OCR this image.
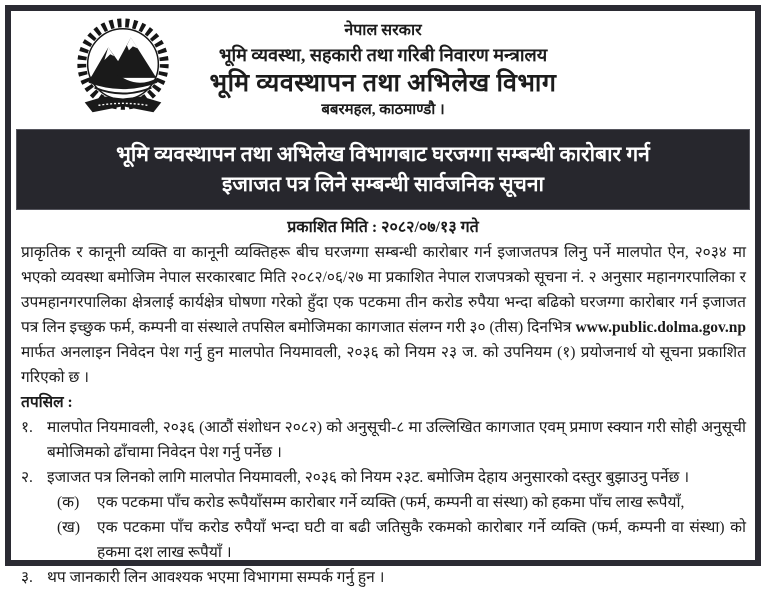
नेपाल सरकार
भूमि व्यवस्था, सहकारी तथा गरिबी निवारण मन्त्रालय
भूमि व्यवस्थापन तथा अभिलेख विभाग
बबरमहल, काठमाण्डौ ।
भूमि व्यवस्थापन तथा अभिलेख विभागबाट घरजग्गा सम्बन्धी कारोबार गर्न
इजाजत पत्र लिने सम्बन्धी सार्वजनिक सूचना
प्रकाशित मिति : २०८२/०७/१३ गते
प्राकृतिक र कानूनी व्यक्ति वा कानूनी व्यक्तिहरू बीच घरजग्गा सम्बन्धी कारोबार गर्न इजाजतपत्र लिनु पर्ने मालपोत ऐन, २०३४ मा भएको व्यवस्था बमोजिम नेपाल सरकारबाट मिति २०८२/०६/२७ मा प्रकाशित नेपाल राजपत्रको सूचना नं. २ अनुसार महानगरपालिका र उपमहानगरपालिका क्षेत्रलाई कार्यक्षेत्र घोषणा गरेको हुँदा एक पटकमा तीन करोड रुपैया भन्दा बढिको घरजग्गा कारोबार गर्न इजाजत पत्र लिन इच्छुक फर्म, कम्पनी वा संस्थाले तपसिल बमोजिमका कागजात संलग्न गरी ३० (तीस) दिनभित्र www.public.dolma.gov.np मार्फत अनलाइन निवेदन पेश गर्नु हुन मालपोत नियमावली, २०३६ को नियम २३ ज. को उपनियम (१) प्रयोजनार्थ यो सूचना प्रकाशित गरिएको छ ।
तपसिल :
१. मालपोत नियमावली, २०३६ (आठौं संशोधन २०८२) को अनुसूची-८ मा उल्लिखित कागजात एवम् प्रमाण स्क्यान गरी सोही अनुसूची बमोजिमको ढाँचामा निवेदन पेश गर्नु पर्नेछ ।
२. इजाजत पत्र लिनको लागि मालपोत नियमावली, २०३६ को नियम २३ट. बमोजिम देहाय अनुसारको दस्तुर बुझाउनु पर्नेछ ।
(क) एक पटकमा पाँच करोड रूपैयाँसम्म कारोबार गर्ने व्यक्ति (फर्म, कम्पनी वा संस्था) को हकमा पाँच लाख रूपैयाँ,
(ख) एक पटकमा पाँच करोड रुपैयाँ भन्दा घटी वा बढी जतिसुकै रकमको कारोबार गर्ने व्यक्ति (फर्म, कम्पनी वा संस्था) को हकमा दश लाख रूपैयाँ ।
३. थप जानकारी लिन आवश्यक भएमा विभागमा सम्पर्क गर्नु हुन ।
